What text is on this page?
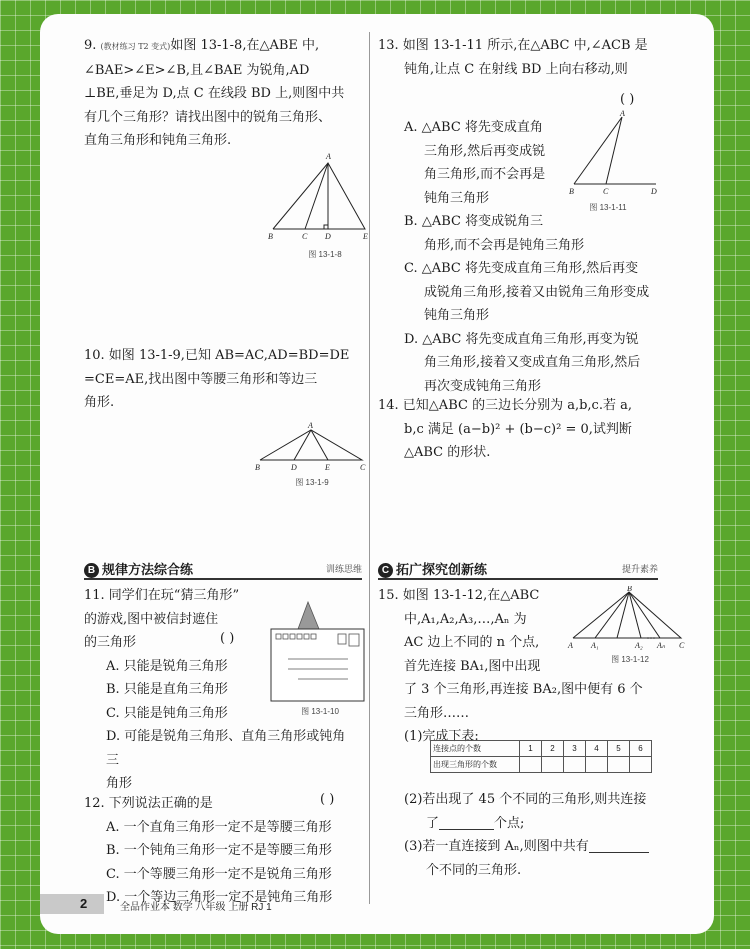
9. (教材练习 T2 变式)如图 13-1-8,在△ABE 中,
∠BAE>∠E>∠B,且∠BAE 为锐角,AD
⊥BE,垂足为 D,点 C 在线段 BD 上,则图中共
有几个三角形？请找出图中的锐角三角形、
直角三角形和钝角三角形.
A
B	C D	E
图 13-1-8
10. 如图 13-1-9,已知 AB=AC,AD=BD=DE
=CE=AE,找出图中等腰三角形和等边三
角形.
A
B	D	E	C
图 13-1-9
B 规律方法综合练	训练思维
11. 同学们在玩“猜三角形”
的游戏,图中被信封遮住
的三角形
A. 只能是锐角三角形
B. 只能是直角三角形
C. 只能是钝角三角形
D. 可能是锐角三角形、直角三角形或钝角三
角形
( )
图 13-1-10
12. 下列说法正确的是
A. 一个直角三角形一定不是等腰三角形
B. 一个钝角三角形一定不是等腰三角形
C. 一个等腰三角形一定不是锐角三角形
D. 一个等边三角形一定不是钝角三角形
( )
13. 如图 13-1-11 所示,在△ABC 中,∠ACB 是
钝角,让点 C 在射线 BD 上向右移动,则
( )
A. △ABC 将先变成直角
三角形,然后再变成锐
角三角形,而不会再是
钝角三角形
B. △ABC 将变成锐角三
角形,而不会再是钝角三角形
C. △ABC 将先变成直角三角形,然后再变
成锐角三角形,接着又由锐角三角形变成
钝角三角形
D. △ABC 将先变成直角三角形,再变为锐
角三角形,接着又变成直角三角形,然后
再次变成钝角三角形
A
B	C	D
图 13-1-11
14. 已知△ABC 的三边长分别为 a,b,c.若 a,
b,c 满足 (a−b)² + (b−c)² = 0,试判断
△ABC 的形状.
C 拓广探究创新练	提升素养
15. 如图 13-1-12,在△ABC
中,A₁,A₂,A₃,…,Aₙ 为
AC 边上不同的 n 个点,
首先连接 BA₁,图中出现
了 3 个三角形,再连接 BA₂,图中便有 6 个
三角形……
(1)完成下表:
B
A A₁	A₂ Aₙ C
图 13-1-12
连接点的个数	1	2	3	4	5	6
出现三角形的个数						
(2)若出现了 45 个不同的三角形,则共连接
了	个点;
(3)若一直连接到 Aₙ,则图中共有
个不同的三角形.
2	全品作业本 数学 八年级 上册 RJ 1
